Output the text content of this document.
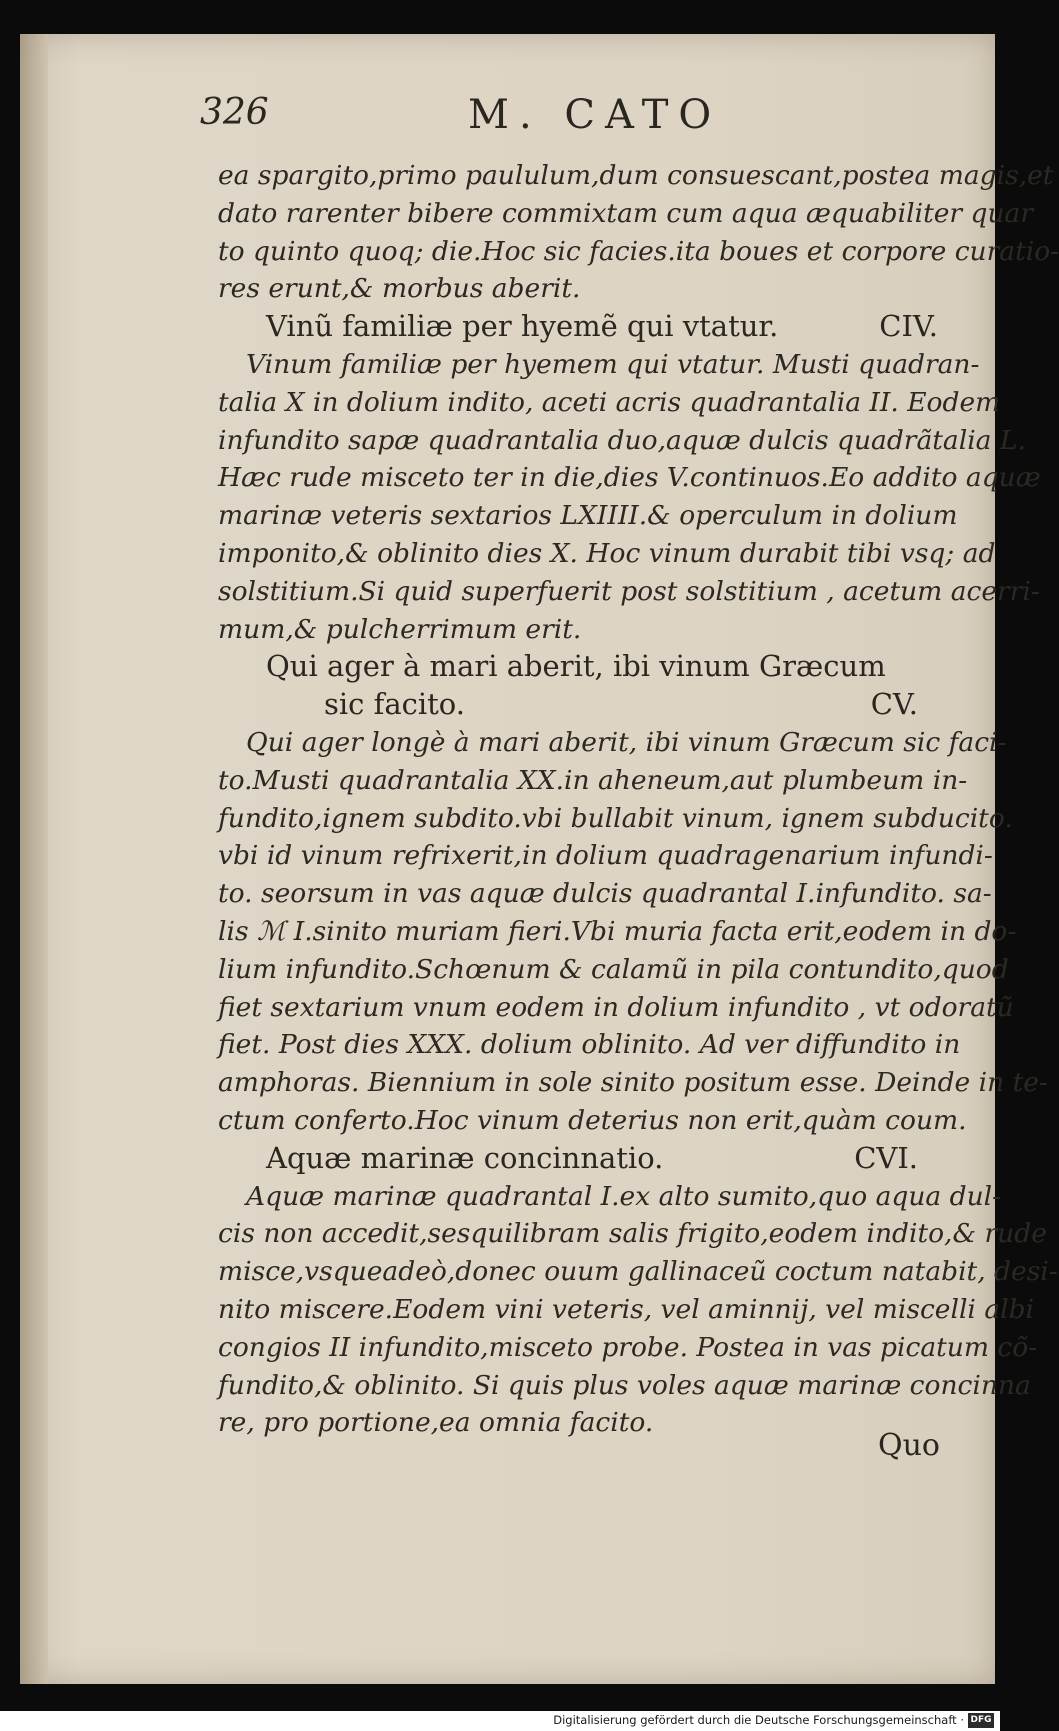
326	M. CATO
ea spargito,primo paululum,dum consuescant,postea magis,et
dato rarenter bibere commixtam cum aqua æquabiliter quar
to quinto quoq; die.Hoc sic facies.ita boues et corpore curatio-
res erunt,& morbus aberit.
Vinũ familiæ per hyemẽ qui vtatur.	CIV.
Vinum familiæ per hyemem qui vtatur. Musti quadran-
talia X in dolium indito, aceti acris quadrantalia II. Eodem
infundito sapæ quadrantalia duo,aquæ dulcis quadrãtalia L.
Hæc rude misceto ter in die,dies V.continuos.Eo addito aquæ
marinæ veteris sextarios LXIIII.& operculum in dolium
imponito,& oblinito dies X. Hoc vinum durabit tibi vsq; ad
solstitium.Si quid superfuerit post solstitium , acetum acerri-
mum,& pulcherrimum erit.
Qui ager à mari aberit, ibi vinum Græcum
sic facito.	CV.
Qui ager longè à mari aberit, ibi vinum Græcum sic faci-
to.Musti quadrantalia XX.in aheneum,aut plumbeum in-
fundito,ignem subdito.vbi bullabit vinum, ignem subducito.
vbi id vinum refrixerit,in dolium quadragenarium infundi-
to. seorsum in vas aquæ dulcis quadrantal I.infundito. sa-
lis ℳ I.sinito muriam fieri.Vbi muria facta erit,eodem in do-
lium infundito.Schœnum & calamũ in pila contundito,quod
fiet sextarium vnum eodem in dolium infundito , vt odoratũ
fiet. Post dies XXX. dolium oblinito. Ad ver diffundito in
amphoras. Biennium in sole sinito positum esse. Deinde in te-
ctum conferto.Hoc vinum deterius non erit,quàm coum.
Aquæ marinæ concinnatio.	CVI.
Aquæ marinæ quadrantal I.ex alto sumito,quo aqua dul-
cis non accedit,sesquilibram salis frigito,eodem indito,& rude
misce,vsqueadeò,donec ouum gallinaceũ coctum natabit, desi-
nito miscere.Eodem vini veteris, vel aminnij, vel miscelli albi
congios II infundito,misceto probe. Postea in vas picatum cõ-
fundito,& oblinito. Si quis plus voles aquæ marinæ concinna
re, pro portione,ea omnia facito.
Quo
Digitalisierung gefördert durch die Deutsche Forschungsgemeinschaft · DFG
